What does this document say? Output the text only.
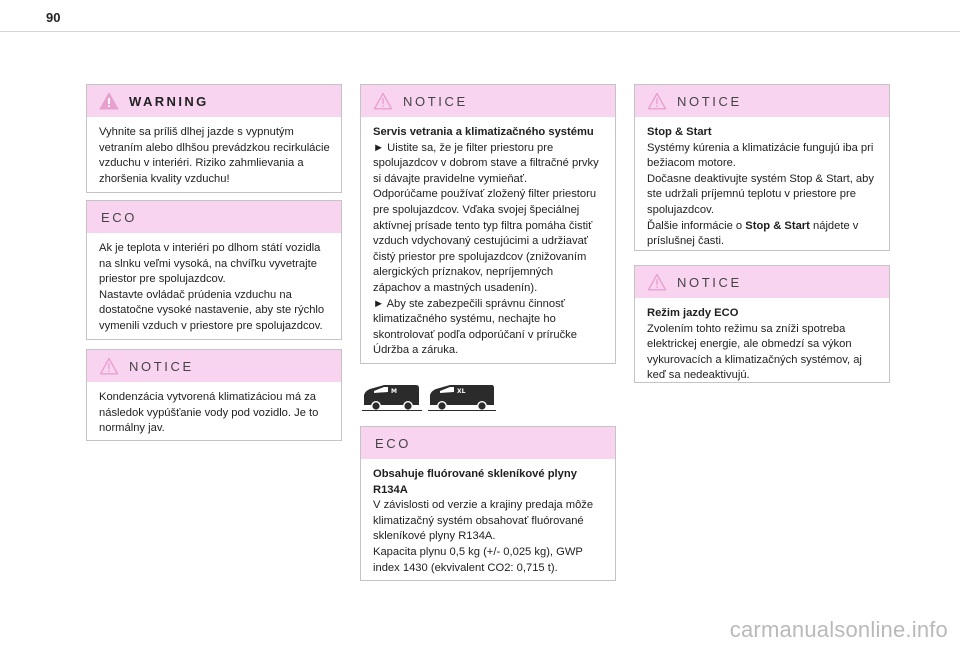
90
WARNING

Vyhnite sa príliš dlhej jazde s vypnutým vetraním alebo dlhšou prevádzkou recirkulácie vzduchu v interiéri. Riziko zahmlievania a zhoršenia kvality vzduchu!

ECO

Ak je teplota v interiéri po dlhom státí vozidla na slnku veľmi vysoká, na chvíľku vyvetrajte priestor pre spolujazdcov.

Nastavte ovládač prúdenia vzduchu na dostatočne vysoké nastavenie, aby ste rýchlo vymenili vzduch v priestore pre spolujazdcov.

NOTICE

Kondenzácia vytvorená klimatizáciou má za následok vypúšťanie vody pod vozidlo. Je to normálny jav.

NOTICE

Servis vetrania a klimatizačného systému

► Uistite sa, že je filter priestoru pre spolujazdcov v dobrom stave a filtračné prvky si dávajte pravidelne vymieňať.

Odporúčame používať zložený filter priestoru pre spolujazdcov. Vďaka svojej špeciálnej aktívnej prísade tento typ filtra pomáha čistiť vzduch vdychovaný cestujúcimi a udržiavať čistý priestor pre spolujazdcov (znižovaním alergických príznakov, nepríjemných zápachov a mastných usadenín).

► Aby ste zabezpečili správnu činnosť klimatizačného systému, nechajte ho skontrolovať podľa odporúčaní v príručke Údržba a záruka.

M	XL
ECO

Obsahuje fluórované skleníkové plyny R134A

V závislosti od verzie a krajiny predaja môže klimatizačný systém obsahovať fluórované skleníkové plyny R134A.

Kapacita plynu 0,5 kg (+/- 0,025 kg), GWP index 1430 (ekvivalent CO2: 0,715 t).

NOTICE

Stop & Start

Systémy kúrenia a klimatizácie fungujú iba pri bežiacom motore.

Dočasne deaktivujte systém Stop & Start, aby ste udržali príjemnú teplotu v priestore pre spolujazdcov.

Ďalšie informácie o Stop & Start nájdete v príslušnej časti.

NOTICE

Režim jazdy ECO

Zvolením tohto režimu sa zníži spotreba elektrickej energie, ale obmedzí sa výkon vykurovacích a klimatizačných systémov, aj keď sa nedeaktivujú.

carmanualsonline.info
